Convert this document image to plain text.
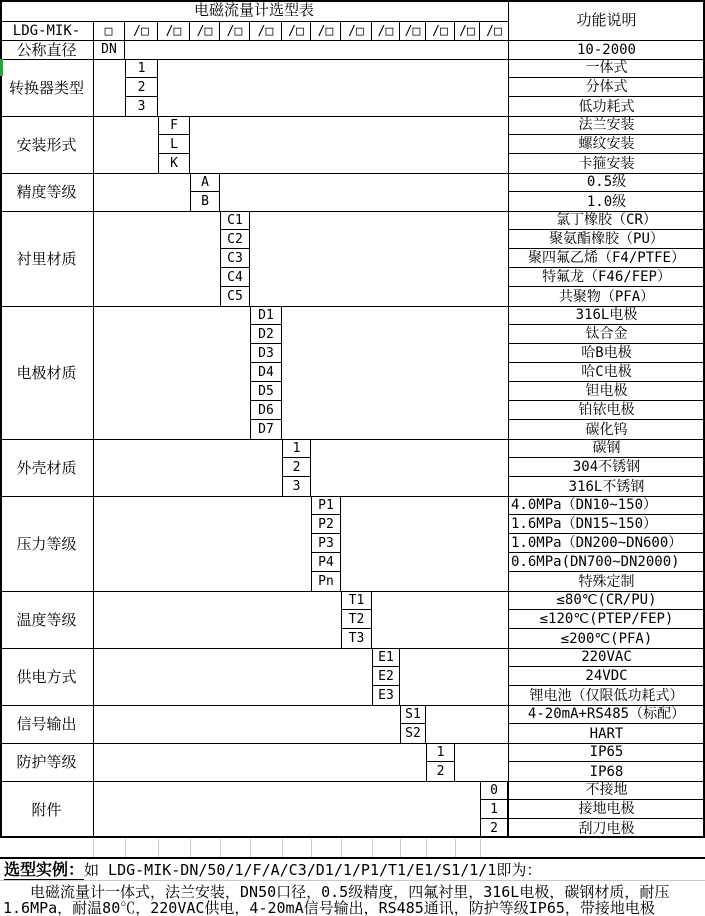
电磁流量计选型表
功能说明
LDG-MIK-	□	/□	/□	/□	/□	/□	/□	/□	/□	/□ /□ /□ /□ /□
公称直径	DN	10-2000
转换器类型
1	一体式
2	分体式
3	低功耗式
安装形式
F	法兰安装
L	螺纹安装
K	卡箍安装
精度等级
A	0.5级
B	1.0级
衬里材质
C1	氯丁橡胶（CR）
C2	聚氨酯橡胶（PU）
C3	聚四氟乙烯（F4/PTFE）
C4	特氟龙（F46/FEP）
C5	共聚物（PFA）
电极材质
D1	316L电极
D2	钛合金
D3	哈B电极
D4	哈C电极
D5	钽电极
D6	铂铱电极
D7	碳化钨
外壳材质
1	碳钢
2	304不锈钢
3	316L不锈钢
压力等级
P1	4.0MPa（DN10~150）
P2	1.6MPa（DN15~150）
P3	1.0MPa（DN200~DN600）
P4	0.6MPa(DN700~DN2000)
Pn	特殊定制
温度等级
T1	≤80℃(CR/PU)
T2	≤120℃(PTEP/FEP)
T3	≤200℃(PFA)
供电方式
E1	220VAC
E2	24VDC
E3	锂电池（仅限低功耗式）
信号输出
S1	4-20mA+RS485（标配）
S2	HART
防护等级
1	IP65
2	IP68
附件
0	不接地
1	接地电极
2	刮刀电极
选型实例：如 LDG-MIK-DN/50/1/F/A/C3/D1/1/P1/T1/E1/S1/1/1即为：
电磁流量计一体式，法兰安装，DN50口径，0.5级精度，四氟衬里，316L电极，碳钢材质，耐压
1.6MPa，耐温80℃，220VAC供电，4-20mA信号输出，RS485通讯，防护等级IP65，带接地电极
